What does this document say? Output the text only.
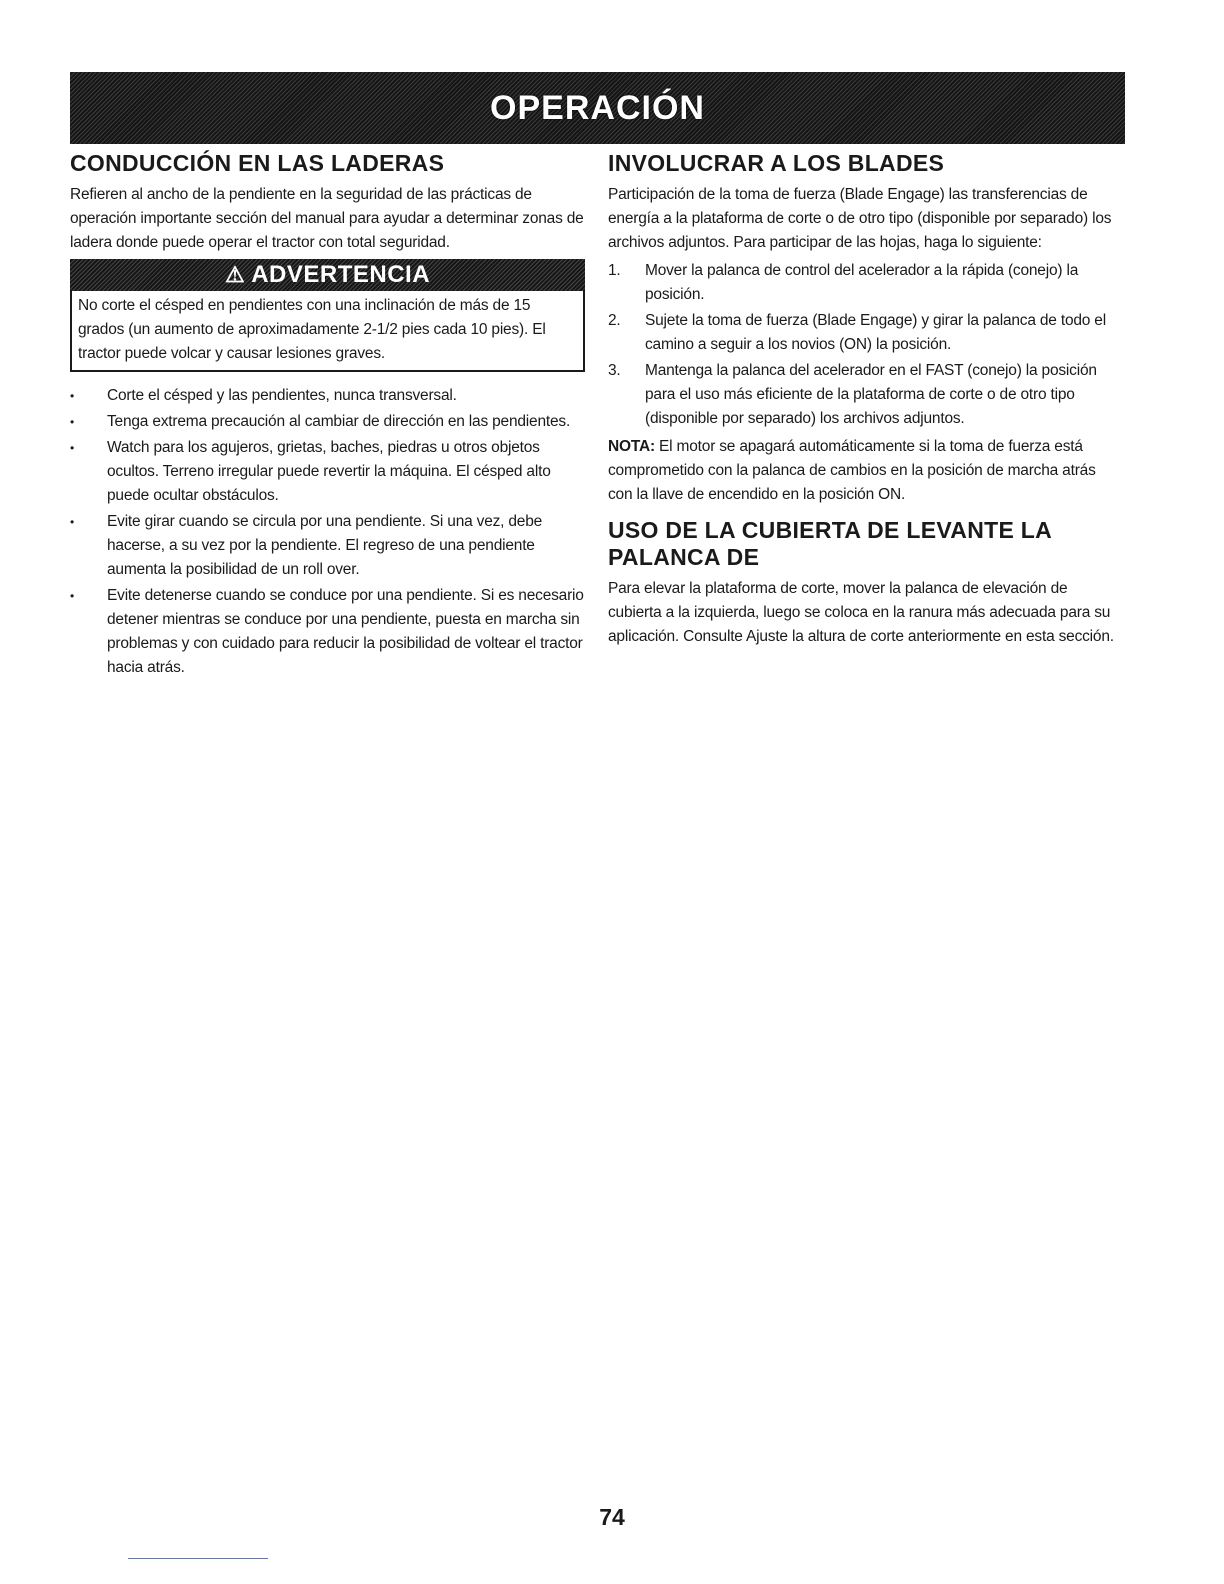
OPERACIÓN
CONDUCCIÓN EN LAS LADERAS

Refieren al ancho de la pendiente en la seguridad de las prácticas de operación importante sección del manual para ayudar a determinar zonas de ladera donde puede operar el tractor con total seguridad.

⚠ ADVERTENCIA

No corte el césped en pendientes con una inclinación de más de 15 grados (un aumento de aproximadamente 2-1/2 pies cada 10 pies). El tractor puede volcar y causar lesiones graves.

• Corte el césped y las pendientes, nunca transversal.
• Tenga extrema precaución al cambiar de dirección en las pendientes.
• Watch para los agujeros, grietas, baches, piedras u otros objetos ocultos. Terreno irregular puede revertir la máquina. El césped alto puede ocultar obstáculos.
• Evite girar cuando se circula por una pendiente. Si una vez, debe hacerse, a su vez por la pendiente. El regreso de una pendiente aumenta la posibilidad de un roll over.
• Evite detenerse cuando se conduce por una pendiente. Si es necesario detener mientras se conduce por una pendiente, puesta en marcha sin problemas y con cuidado para reducir la posibilidad de voltear el tractor hacia atrás.
INVOLUCRAR A LOS BLADES

Participación de la toma de fuerza (Blade Engage) las transferencias de energía a la plataforma de corte o de otro tipo (disponible por separado) los archivos adjuntos. Para participar de las hojas, haga lo siguiente:

1. Mover la palanca de control del acelerador a la rápida (conejo) la posición.
2. Sujete la toma de fuerza (Blade Engage) y girar la palanca de todo el camino a seguir a los novios (ON) la posición.
3. Mantenga la palanca del acelerador en el FAST (conejo) la posición para el uso más eficiente de la plataforma de corte o de otro tipo (disponible por separado) los archivos adjuntos.

NOTA: El motor se apagará automáticamente si la toma de fuerza está comprometido con la palanca de cambios en la posición de marcha atrás con la llave de encendido en la posición ON.

USO DE LA CUBIERTA DE LEVANTE LA PALANCA DE

Para elevar la plataforma de corte, mover la palanca de elevación de cubierta a la izquierda, luego se coloca en la ranura más adecuada para su aplicación. Consulte Ajuste la altura de corte anteriormente en esta sección.

74
